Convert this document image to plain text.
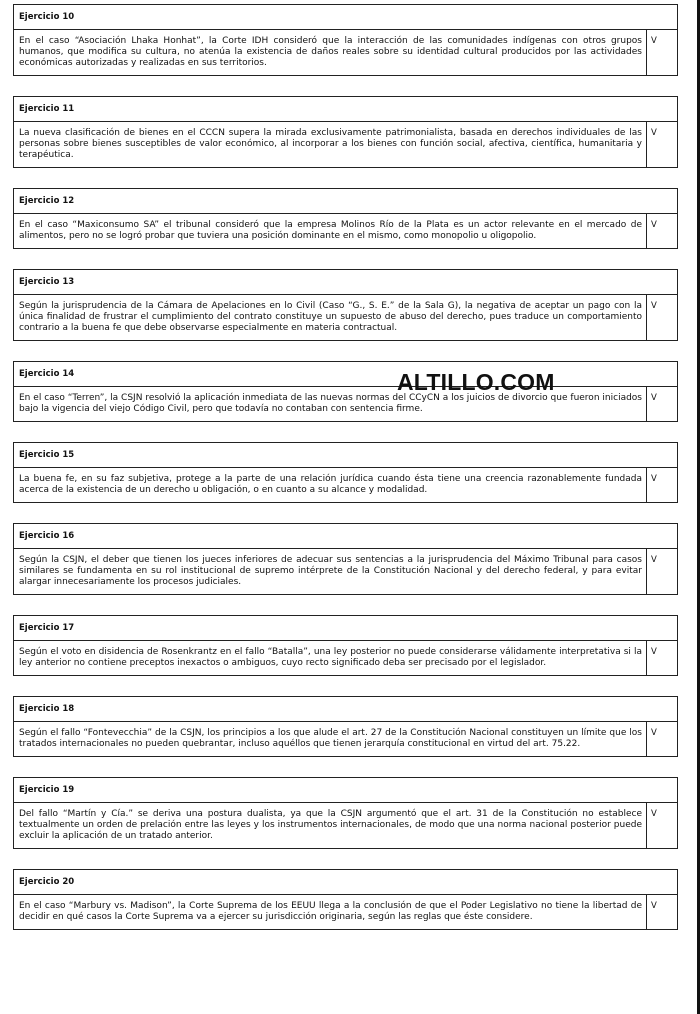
Ejercicio 10
En el caso “Asociación Lhaka Honhat”, la Corte IDH consideró que la interacción de las comunidades indígenas con otros grupos humanos, que modifica su cultura, no atenúa la existencia de daños reales sobre su identidad cultural producidos por las actividades económicas autorizadas y realizadas en sus territorios.
V
Ejercicio 11
La nueva clasificación de bienes en el CCCN supera la mirada exclusivamente patrimonialista, basada en derechos individuales de las personas sobre bienes susceptibles de valor económico, al incorporar a los bienes con función social, afectiva, científica, humanitaria y terapéutica.
V
Ejercicio 12
En el caso “Maxiconsumo SA” el tribunal consideró que la empresa Molinos Río de la Plata es un actor relevante en el mercado de alimentos, pero no se logró probar que tuviera una posición dominante en el mismo, como monopolio u oligopolio.
V
Ejercicio 13
Según la jurisprudencia de la Cámara de Apelaciones en lo Civil (Caso “G., S. E.” de la Sala G), la negativa de aceptar un pago con la única finalidad de frustrar el cumplimiento del contrato constituye un supuesto de abuso del derecho, pues traduce un comportamiento contrario a la buena fe que debe observarse especialmente en materia contractual.
V
Ejercicio 14
En el caso “Terren”, la CSJN resolvió la aplicación inmediata de las nuevas normas del CCyCN a los juicios de divorcio que fueron iniciados bajo la vigencia del viejo Código Civil, pero que todavía no contaban con sentencia firme.
V
Ejercicio 15
La buena fe, en su faz subjetiva, protege a la parte de una relación jurídica cuando ésta tiene una creencia razonablemente fundada acerca de la existencia de un derecho u obligación, o en cuanto a su alcance y modalidad.
V
Ejercicio 16
Según la CSJN, el deber que tienen los jueces inferiores de adecuar sus sentencias a la jurisprudencia del Máximo Tribunal para casos similares se fundamenta en su rol institucional de supremo intérprete de la Constitución Nacional y del derecho federal, y para evitar alargar innecesariamente los procesos judiciales.
V
Ejercicio 17
Según el voto en disidencia de Rosenkrantz en el fallo “Batalla”, una ley posterior no puede considerarse válidamente interpretativa si la ley anterior no contiene preceptos inexactos o ambiguos, cuyo recto significado deba ser precisado por el legislador.
V
Ejercicio 18
Según el fallo “Fontevecchia” de la CSJN, los principios a los que alude el art. 27 de la Constitución Nacional constituyen un límite que los tratados internacionales no pueden quebrantar, incluso aquéllos que tienen jerarquía constitucional en virtud del art. 75.22.
V
Ejercicio 19
Del fallo “Martín y Cía.” se deriva una postura dualista, ya que la CSJN argumentó que el art. 31 de la Constitución no establece textualmente un orden de prelación entre las leyes y los instrumentos internacionales, de modo que una norma nacional posterior puede excluir la aplicación de un tratado anterior.
V
Ejercicio 20
En el caso “Marbury vs. Madison”, la Corte Suprema de los EEUU llega a la conclusión de que el Poder Legislativo no tiene la libertad de decidir en qué casos la Corte Suprema va a ejercer su jurisdicción originaria, según las reglas que éste considere.
V
ALTILLO.COM
